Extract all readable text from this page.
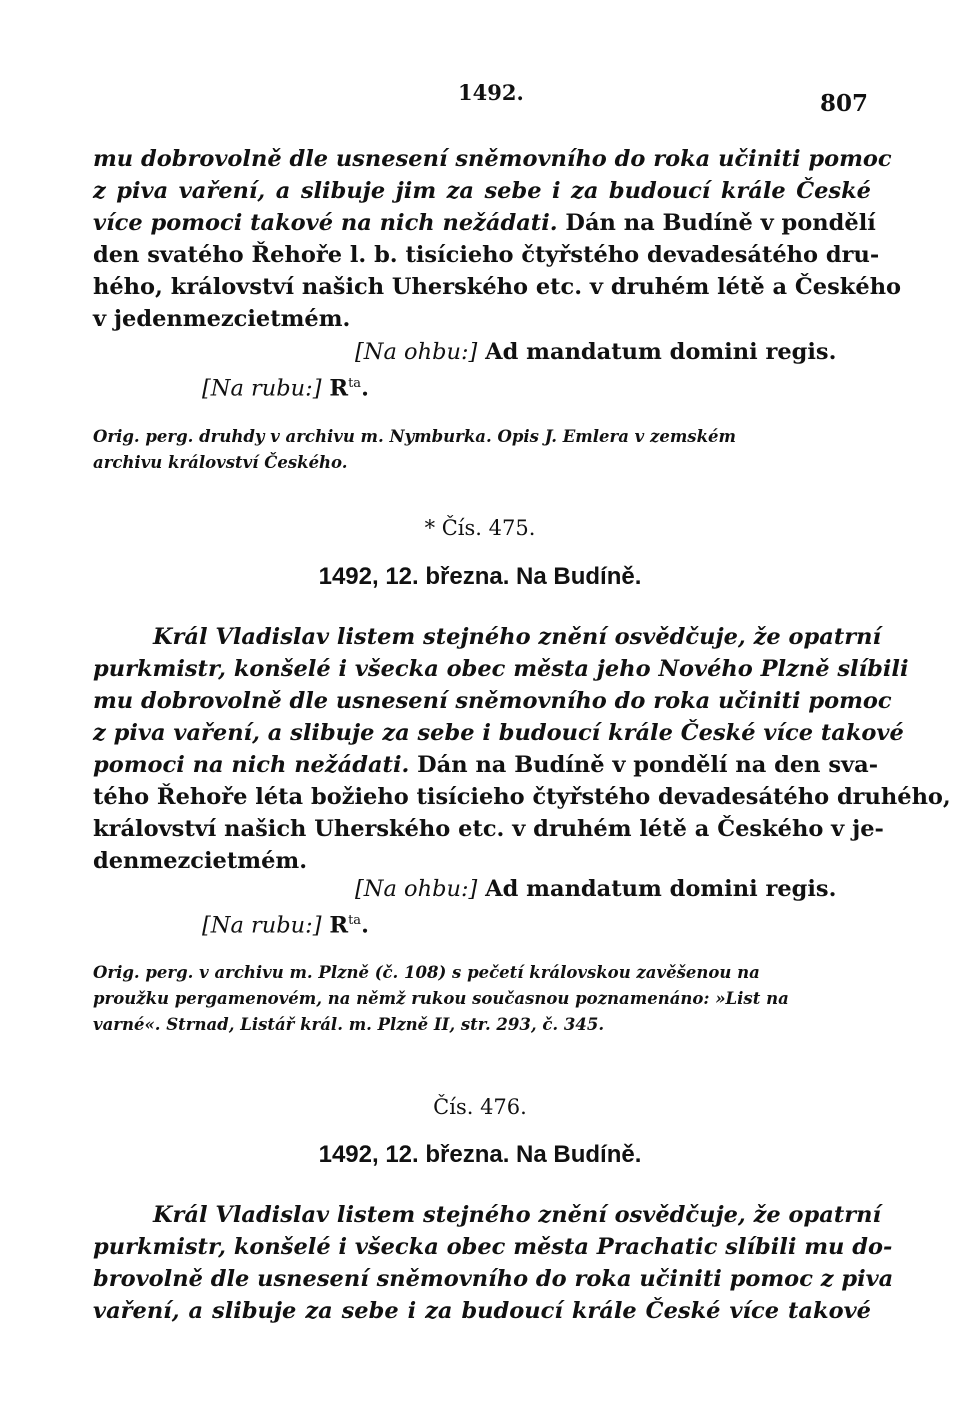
1492.	807
mu dobrovolně dle usnesení sněmovního do roka učiniti pomoc
z piva vaření, a slibuje jim za sebe i za budoucí krále České
více pomoci takové na nich nežádati. Dán na Budíně v pondělí
den svatého Řehoře l. b. tisícieho čtyřstého devadesátého dru-
hého, království našich Uherského etc. v druhém létě a Českého
v jedenmezcietmém.
[Na ohbu:] Ad mandatum domini regis.
[Na rubu:] $R^{ta}$.
Orig. perg. druhdy v archivu m. Nymburka. Opis J. Emlera v zemském
archivu království Českého.
* Čís. 475.
1492, 12. března. Na Budíně.
Král Vladislav listem stejného znění osvědčuje, že opatrní
purkmistr, konšelé i všecka obec města jeho Nového Plzně slíbili
mu dobrovolně dle usnesení sněmovního do roka učiniti pomoc
z piva vaření, a slibuje za sebe i budoucí krále České více takové
pomoci na nich nežádati. Dán na Budíně v pondělí na den sva-
tého Řehoře léta božieho tisícieho čtyřstého devadesátého druhého,
království našich Uherského etc. v druhém létě a Českého v je-
denmezcietmém.
[Na ohbu:] Ad mandatum domini regis.
[Na rubu:] $R^{ta}$.
Orig. perg. v archivu m. Plzně (č. 108) s pečetí královskou zavěšenou na
proužku pergamenovém, na němž rukou současnou poznamenáno: »List na
varné«. Strnad, Listář král. m. Plzně II, str. 293, č. 345.
Čís. 476.
1492, 12. března. Na Budíně.
Král Vladislav listem stejného znění osvědčuje, že opatrní
purkmistr, konšelé i všecka obec města Prachatic slíbili mu do-
brovolně dle usnesení sněmovního do roka učiniti pomoc z piva
vaření, a slibuje za sebe i za budoucí krále České více takové
